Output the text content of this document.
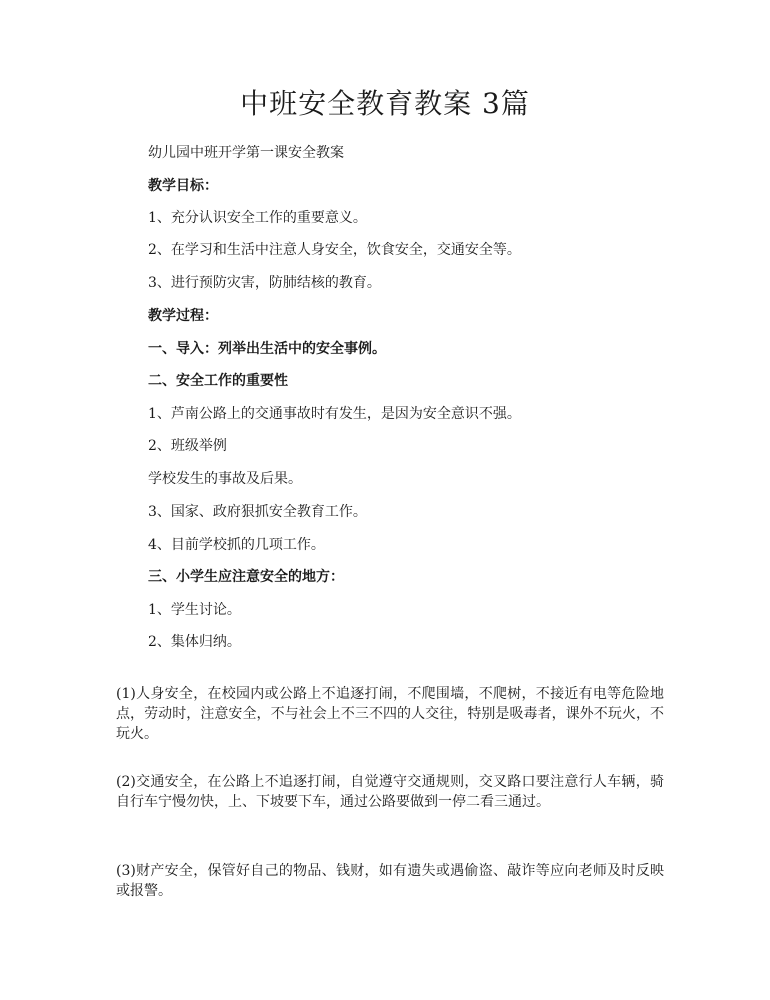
中班安全教育教案 3篇

幼儿园中班开学第一课安全教案

教学目标：

1、充分认识安全工作的重要意义。

2、在学习和生活中注意人身安全，饮食安全，交通安全等。

3、进行预防灾害，防肺结核的教育。

教学过程：

一、导入：列举出生活中的安全事例。

二、安全工作的重要性

1、芦南公路上的交通事故时有发生，是因为安全意识不强。

2、班级举例

学校发生的事故及后果。

3、国家、政府狠抓安全教育工作。

4、目前学校抓的几项工作。

三、小学生应注意安全的地方：

1、学生讨论。

2、集体归纳。

(1)人身安全，在校园内或公路上不追逐打闹，不爬围墙，不爬树，不接近有电等危险地点，劳动时，注意安全，不与社会上不三不四的人交往，特别是吸毒者，课外不玩火，不玩火。

(2)交通安全，在公路上不追逐打闹，自觉遵守交通规则，交叉路口要注意行人车辆，骑自行车宁慢勿快，上、下坡要下车，通过公路要做到一停二看三通过。

(3)财产安全，保管好自己的物品、钱财，如有遗失或遇偷盗、敲诈等应向老师及时反映或报警。
